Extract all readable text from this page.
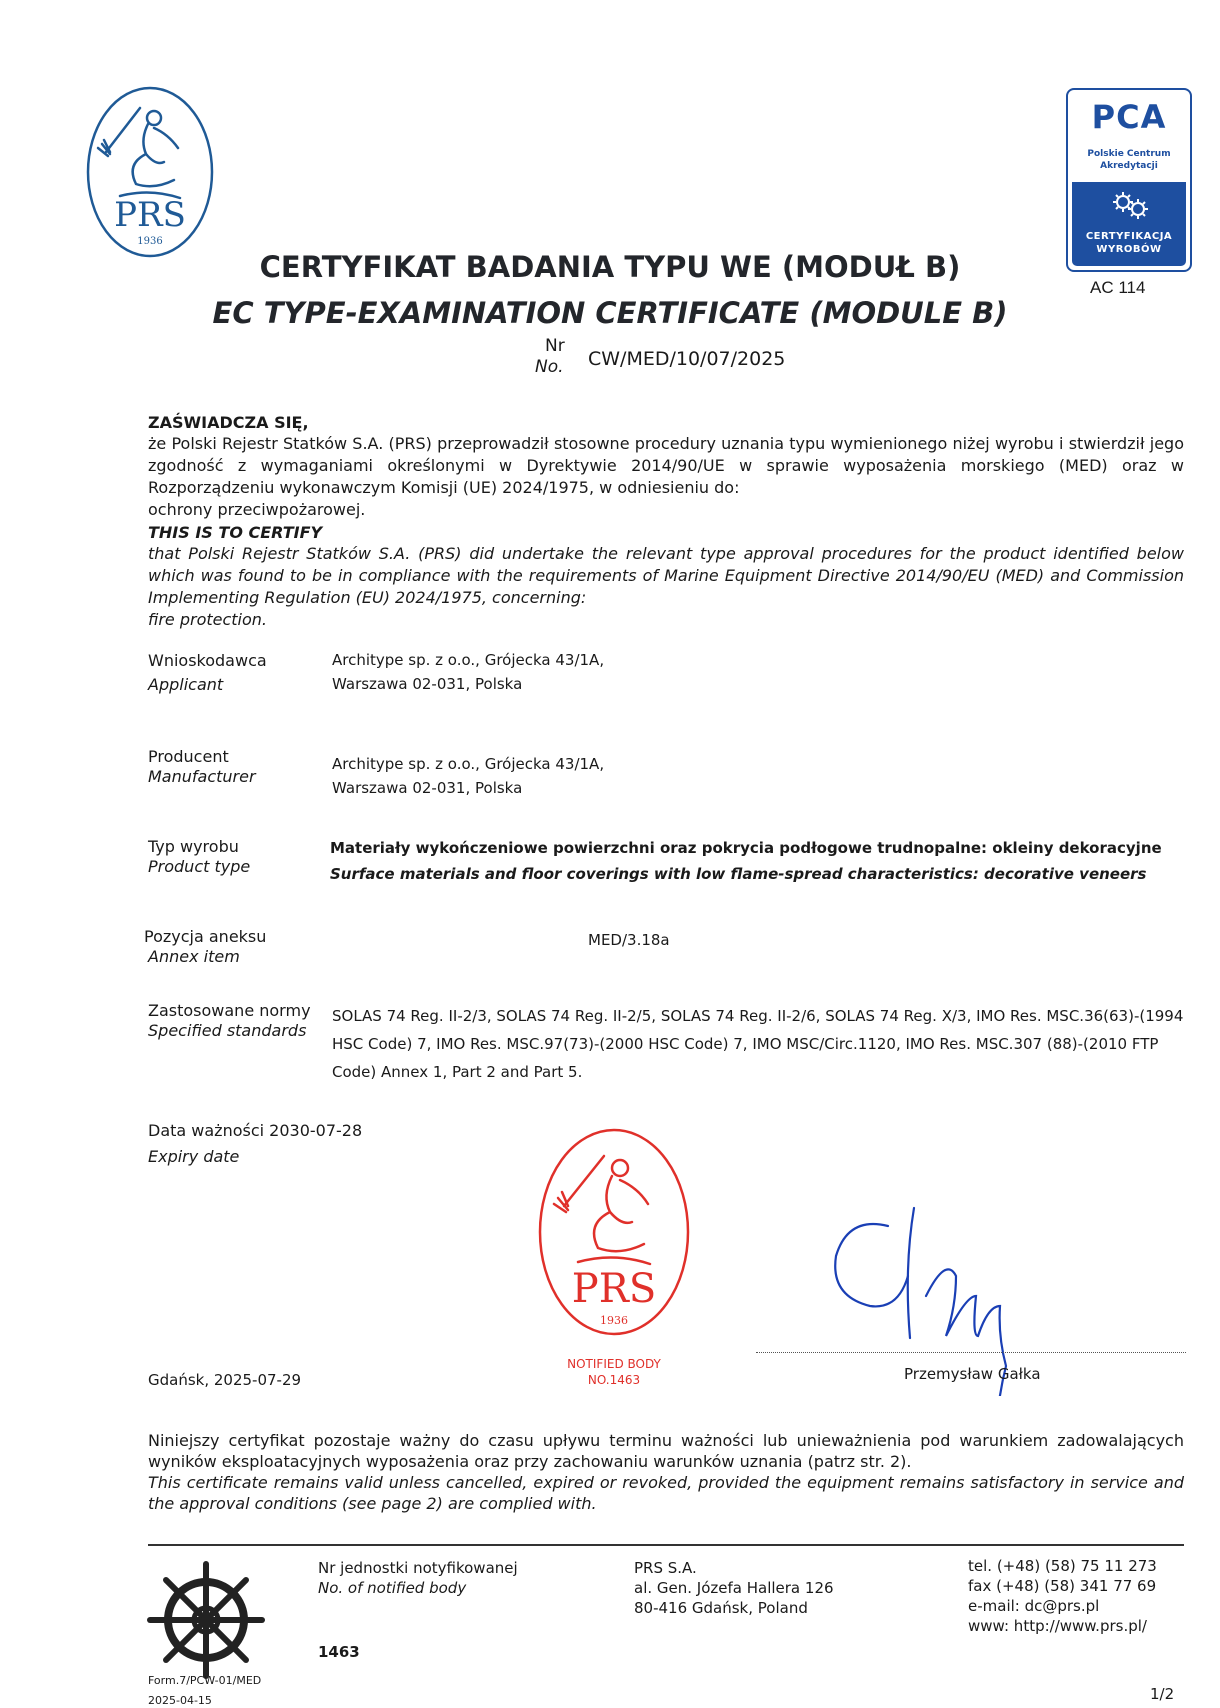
PRS
1936
PCA
Polskie Centrum
Akredytacji
CERTYFIKACJA
WYROBÓW
AC 114
CERTYFIKAT BADANIA TYPU WE (MODUŁ B)
EC TYPE-EXAMINATION CERTIFICATE (MODULE B)
Nr
No. CW/MED/10/07/2025
ZAŚWIADCZA SIĘ,
że Polski Rejestr Statków S.A. (PRS) przeprowadził stosowne procedury uznania typu wymienionego niżej wyrobu i stwierdził jego zgodność z wymaganiami określonymi w Dyrektywie 2014/90/UE w sprawie wyposażenia morskiego (MED) oraz w Rozporządzeniu wykonawczym Komisji (UE) 2024/1975, w odniesieniu do:
ochrony przeciwpożarowej.
THIS IS TO CERTIFY
that Polski Rejestr Statków S.A. (PRS) did undertake the relevant type approval procedures for the product identified below which was found to be in compliance with the requirements of Marine Equipment Directive 2014/90/EU (MED) and Commission Implementing Regulation (EU) 2024/1975, concerning:
fire protection.
Wnioskodawca
Applicant
Architype sp. z o.o., Grójecka 43/1A,
Warszawa 02-031, Polska
Producent
Manufacturer
Architype sp. z o.o., Grójecka 43/1A,
Warszawa 02-031, Polska
Typ wyrobu
Product type
Materiały wykończeniowe powierzchni oraz pokrycia podłogowe trudnopalne: okleiny dekoracyjne
Surface materials and floor coverings with low flame-spread characteristics: decorative veneers
Pozycja aneksu
Annex item
MED/3.18a
Zastosowane normy
Specified standards
SOLAS 74 Reg. II-2/3, SOLAS 74 Reg. II-2/5, SOLAS 74 Reg. II-2/6, SOLAS 74 Reg. X/3, IMO Res. MSC.36(63)-(1994 HSC Code) 7, IMO Res. MSC.97(73)-(2000 HSC Code) 7, IMO MSC/Circ.1120, IMO Res. MSC.307 (88)-(2010 FTP Code) Annex 1, Part 2 and Part 5.
Data ważności 2030-07-28
Expiry date
PRS
1936
NOTIFIED BODY
NO.1463	Przemysław Gałka
Gdańsk, 2025-07-29
Niniejszy certyfikat pozostaje ważny do czasu upływu terminu ważności lub unieważnienia pod warunkiem zadowalających wyników eksploatacyjnych wyposażenia oraz przy zachowaniu warunków uznania (patrz str. 2).
This certificate remains valid unless cancelled, expired or revoked, provided the equipment remains satisfactory in service and the approval conditions (see page 2) are complied with.
Nr jednostki notyfikowanej
No. of notified body
1463
PRS S.A.
al. Gen. Józefa Hallera 126
80-416 Gdańsk, Poland
tel. (+48) (58) 75 11 273
fax (+48) (58) 341 77 69
e-mail: dc@prs.pl
www: http://www.prs.pl/
Form.7/PCW-01/MED
2025-04-15	1/2
